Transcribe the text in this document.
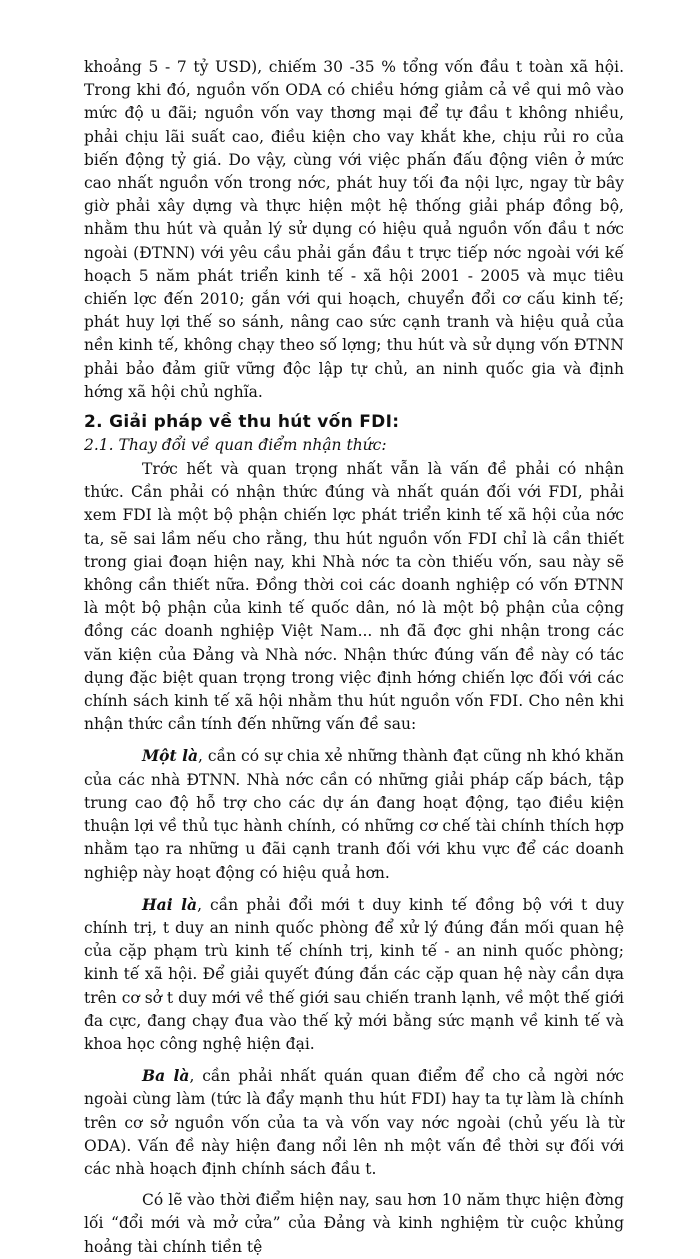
khoảng 5 - 7 tỷ USD), chiếm 30 -35 % tổng vốn đầu t toàn xã hội. Trong khi đó, nguồn vốn ODA có chiều hớng giảm cả về qui mô vào mức độ u đãi; nguồn vốn vay thơng mại để tự đầu t không nhiều, phải chịu lãi suất cao, điều kiện cho vay khắt khe, chịu rủi ro của biến động tỷ giá. Do vậy, cùng với việc phấn đấu động viên ở mức cao nhất nguồn vốn trong nớc, phát huy tối đa nội lực, ngay từ bây giờ phải xây dựng và thực hiện một hệ thống giải pháp đồng bộ, nhằm thu hút và quản lý sử dụng có hiệu quả nguồn vốn đầu t nớc ngoài (ĐTNN) với yêu cầu phải gắn đầu t trực tiếp nớc ngoài với kế hoạch 5 năm phát triển kinh tế - xã hội 2001 - 2005 và mục tiêu chiến lợc đến 2010; gắn với qui hoạch, chuyển đổi cơ cấu kinh tế; phát huy lợi thế so sánh, nâng cao sức cạnh tranh và hiệu quả của nền kinh tế, không chạy theo số lợng; thu hút và sử dụng vốn ĐTNN phải bảo đảm giữ vững độc lập tự chủ, an ninh quốc gia và định hớng xã hội chủ nghĩa.

2. Giải pháp về thu hút vốn FDI:
2.1. Thay đổi về quan điểm nhận thức:

Trớc hết và quan trọng nhất vẫn là vấn đề phải có nhận thức. Cần phải có nhận thức đúng và nhất quán đối với FDI, phải xem FDI là một bộ phận chiến lợc phát triển kinh tế xã hội của nớc ta, sẽ sai lầm nếu cho rằng, thu hút nguồn vốn FDI chỉ là cần thiết trong giai đoạn hiện nay, khi Nhà nớc ta còn thiếu vốn, sau này sẽ không cần thiết nữa. Đồng thời coi các doanh nghiệp có vốn ĐTNN là một bộ phận của kinh tế quốc dân, nó là một bộ phận của cộng đồng các doanh nghiệp Việt Nam... nh đã đợc ghi nhận trong các văn kiện của Đảng và Nhà nớc. Nhận thức đúng vấn đề này có tác dụng đặc biệt quan trọng trong việc định hớng chiến lợc đối với các chính sách kinh tế xã hội nhằm thu hút nguồn vốn FDI. Cho nên khi nhận thức cần tính đến những vấn đề sau:

Một là, cần có sự chia xẻ những thành đạt cũng nh khó khăn của các nhà ĐTNN. Nhà nớc cần có những giải pháp cấp bách, tập trung cao độ hỗ trợ cho các dự án đang hoạt động, tạo điều kiện thuận lợi về thủ tục hành chính, có những cơ chế tài chính thích hợp nhằm tạo ra những u đãi cạnh tranh đối với khu vực để các doanh nghiệp này hoạt động có hiệu quả hơn.

Hai là, cần phải đổi mới t duy kinh tế đồng bộ với t duy chính trị, t duy an ninh quốc phòng để xử lý đúng đắn mối quan hệ của cặp phạm trù kinh tế chính trị, kinh tế - an ninh quốc phòng; kinh tế xã hội. Để giải quyết đúng đắn các cặp quan hệ này cần dựa trên cơ sở t duy mới về thế giới sau chiến tranh lạnh, về một thế giới đa cực, đang chạy đua vào thế kỷ mới bằng sức mạnh về kinh tế và khoa học công nghệ hiện đại.

Ba là, cần phải nhất quán quan điểm để cho cả ngời nớc ngoài cùng làm (tức là đẩy mạnh thu hút FDI) hay ta tự làm là chính trên cơ sở nguồn vốn của ta và vốn vay nớc ngoài (chủ yếu là từ ODA). Vấn đề này hiện đang nổi lên nh một vấn đề thời sự đối với các nhà hoạch định chính sách đầu t.

Có lẽ vào thời điểm hiện nay, sau hơn 10 năm thực hiện đờng lối “đổi mới và mở cửa” của Đảng và kinh nghiệm từ cuộc khủng hoảng tài chính tiền tệ
